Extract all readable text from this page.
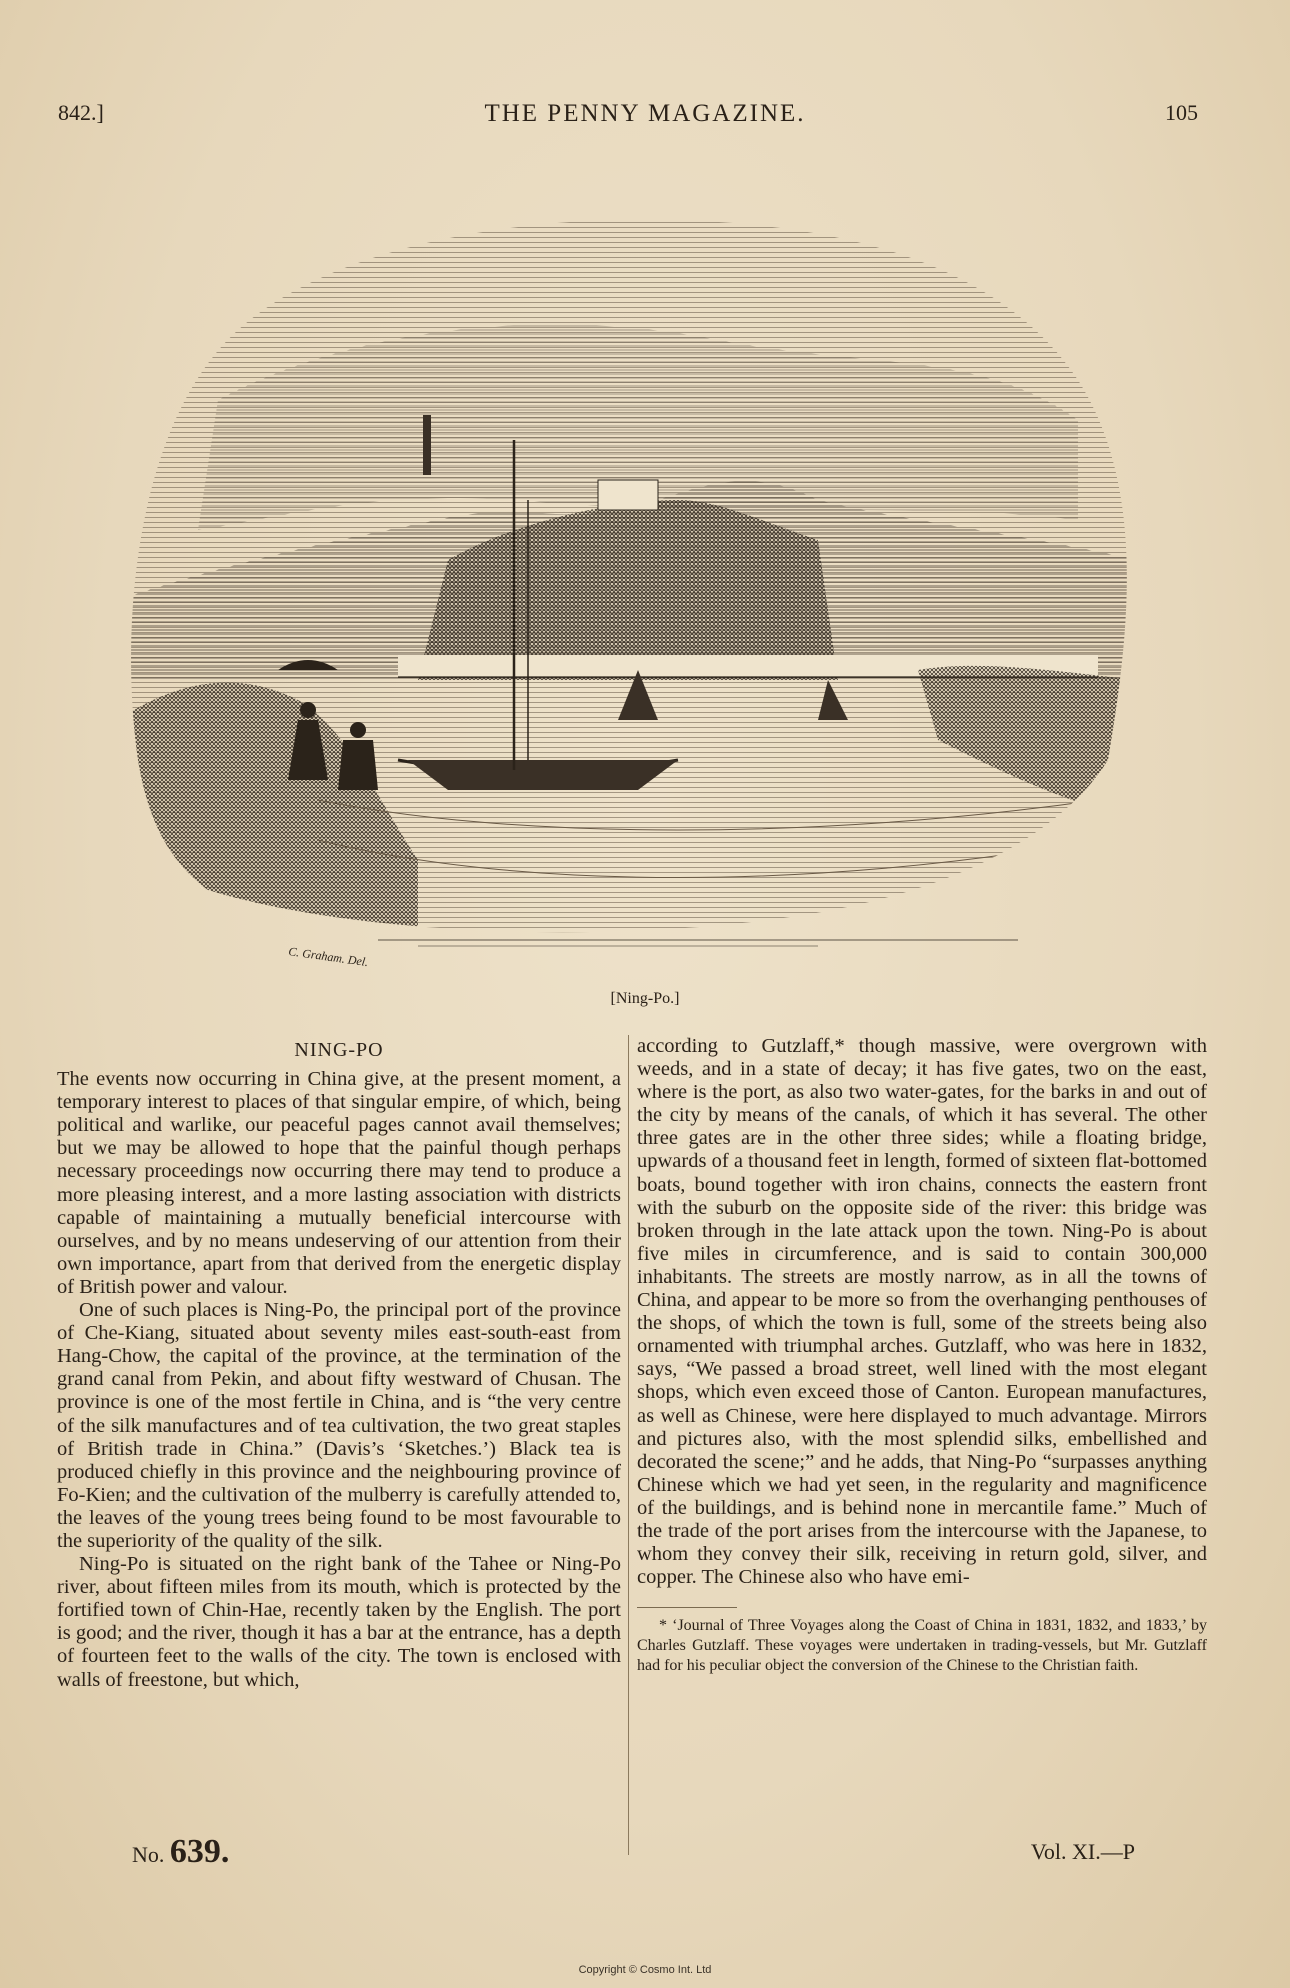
842.]	THE PENNY MAGAZINE.	105
C. Graham. Del.
[Ning-Po.]
NING-PO

The events now occurring in China give, at the present moment, a temporary interest to places of that singular empire, of which, being political and warlike, our peaceful pages cannot avail themselves; but we may be allowed to hope that the painful though perhaps necessary proceedings now occurring there may tend to produce a more pleasing interest, and a more lasting association with districts capable of maintaining a mutually beneficial intercourse with ourselves, and by no means undeserving of our attention from their own importance, apart from that derived from the energetic display of British power and valour.

One of such places is Ning-Po, the principal port of the province of Che-Kiang, situated about seventy miles east-south-east from Hang-Chow, the capital of the province, at the termination of the grand canal from Pekin, and about fifty westward of Chusan. The province is one of the most fertile in China, and is “the very centre of the silk manufactures and of tea cultivation, the two great staples of British trade in China.” (Davis’s ‘Sketches.’) Black tea is produced chiefly in this province and the neighbouring province of Fo-Kien; and the cultivation of the mulberry is carefully attended to, the leaves of the young trees being found to be most favourable to the superiority of the quality of the silk.

Ning-Po is situated on the right bank of the Tahee or Ning-Po river, about fifteen miles from its mouth, which is protected by the fortified town of Chin-Hae, recently taken by the English. The port is good; and the river, though it has a bar at the entrance, has a depth of fourteen feet to the walls of the city. The town is enclosed with walls of freestone, but which,

according to Gutzlaff,* though massive, were overgrown with weeds, and in a state of decay; it has five gates, two on the east, where is the port, as also two water-gates, for the barks in and out of the city by means of the canals, of which it has several. The other three gates are in the other three sides; while a floating bridge, upwards of a thousand feet in length, formed of sixteen flat-bottomed boats, bound together with iron chains, connects the eastern front with the suburb on the opposite side of the river: this bridge was broken through in the late attack upon the town. Ning-Po is about five miles in circumference, and is said to contain 300,000 inhabitants. The streets are mostly narrow, as in all the towns of China, and appear to be more so from the overhanging penthouses of the shops, of which the town is full, some of the streets being also ornamented with triumphal arches. Gutzlaff, who was here in 1832, says, “We passed a broad street, well lined with the most elegant shops, which even exceed those of Canton. European manufactures, as well as Chinese, were here displayed to much advantage. Mirrors and pictures also, with the most splendid silks, embellished and decorated the scene;” and he adds, that Ning-Po “surpasses anything Chinese which we had yet seen, in the regularity and magnificence of the buildings, and is behind none in mercantile fame.” Much of the trade of the port arises from the intercourse with the Japanese, to whom they convey their silk, receiving in return gold, silver, and copper. The Chinese also who have emi-

* ‘Journal of Three Voyages along the Coast of China in 1831, 1832, and 1833,’ by Charles Gutzlaff. These voyages were undertaken in trading-vessels, but Mr. Gutzlaff had for his peculiar object the conversion of the Chinese to the Christian faith.
No. 639.	Vol. XI.—P
Copyright © Cosmo Int. Ltd
